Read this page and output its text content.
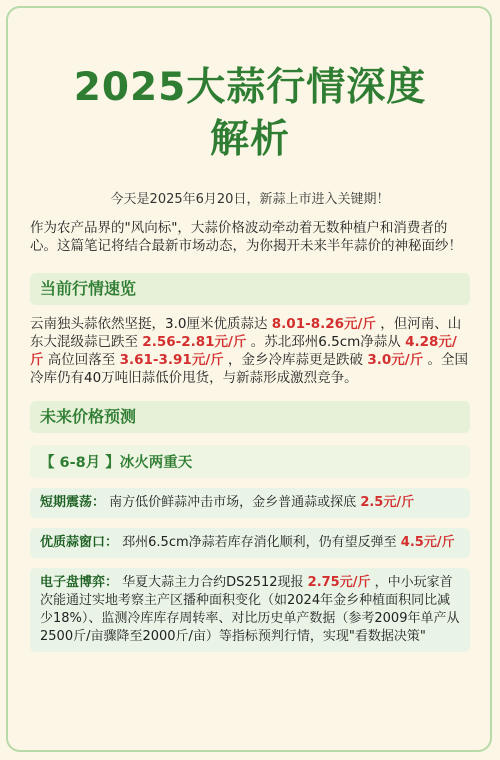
2025大蒜行情深度
解析
今天是2025年6月20日，新蒜上市进入关键期！
作为农产品界的"风向标"，大蒜价格波动牵动着无数种植户和消费者的心。这篇笔记将结合最新市场动态，为你揭开未来半年蒜价的神秘面纱！
当前行情速览
云南独头蒜依然坚挺，3.0厘米优质蒜达 8.01-8.26元/斤 ，但河南、山东大混级蒜已跌至 2.56-2.81元/斤 。苏北邳州6.5cm净蒜从 4.28元/斤 高位回落至 3.61-3.91元/斤 ，金乡冷库蒜更是跌破 3.0元/斤 。全国冷库仍有40万吨旧蒜低价甩货，与新蒜形成激烈竞争。
未来价格预测
【 6-8月 】冰火两重天
短期震荡： 南方低价鲜蒜冲击市场，金乡普通蒜或探底 2.5元/斤
优质蒜窗口： 邳州6.5cm净蒜若库存消化顺利，仍有望反弹至 4.5元/斤
电子盘博弈： 华夏大蒜主力合约DS2512现报 2.75元/斤 ，中小玩家首次能通过实地考察主产区播种面积变化（如2024年金乡种植面积同比减少18%）、监测冷库库存周转率、对比历史单产数据（参考2009年单产从2500斤/亩骤降至2000斤/亩）等指标预判行情，实现"看数据决策"
